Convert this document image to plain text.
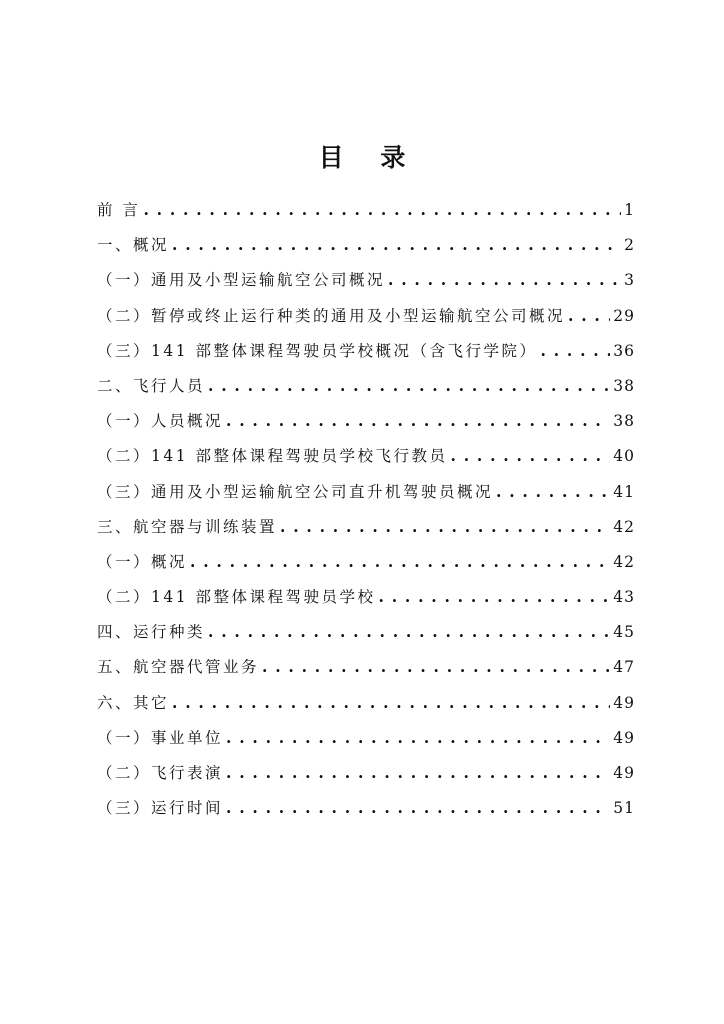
目 录
前 言 . . .	1
一、概况 . . .	2
（一）通用及小型运输航空公司概况 . . .	3
（二）暂停或终止运行种类的通用及小型运输航空公司概况 . . .	29
（三）141 部整体课程驾驶员学校概况（含飞行学院） . . .	36
二、飞行人员 . . .	38
（一）人员概况 . . .	38
（二）141 部整体课程驾驶员学校飞行教员 . . .	40
（三）通用及小型运输航空公司直升机驾驶员概况 . . .	41
三、航空器与训练装置 . . .	42
（一）概况 . . .	42
（二）141 部整体课程驾驶员学校 . . .	43
四、运行种类 . . .	45
五、航空器代管业务 . . .	47
六、其它 . . .	49
（一）事业单位 . . .	49
（二）飞行表演 . . .	49
（三）运行时间 . . .	51
